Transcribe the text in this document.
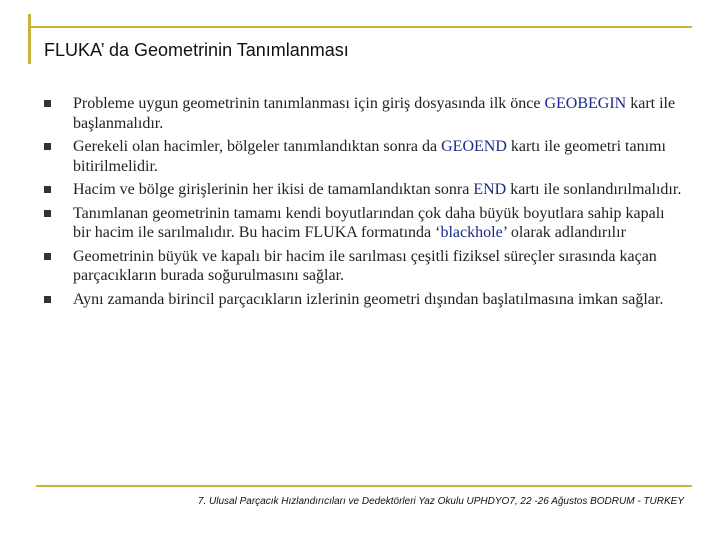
FLUKA’ da Geometrinin Tanımlanması
Probleme uygun geometrinin tanımlanması için giriş dosyasında ilk önce GEOBEGIN kart ile başlanmalıdır.
Gerekeli olan hacimler, bölgeler tanımlandıktan sonra da GEOEND kartı ile geometri tanımı bitirilmelidir.
Hacim ve bölge girişlerinin her ikisi de tamamlandıktan sonra END kartı ile sonlandırılmalıdır.
Tanımlanan geometrinin tamamı kendi boyutlarından çok daha büyük boyutlara sahip kapalı bir hacim ile sarılmalıdır. Bu hacim FLUKA formatında ‘blackhole’ olarak adlandırılır
Geometrinin büyük ve kapalı bir hacim ile sarılması çeşitli fiziksel süreçler sırasında kaçan parçacıkların burada soğurulmasını sağlar.
Aynı zamanda birincil parçacıkların izlerinin geometri dışından başlatılmasına imkan sağlar.
7. Ulusal Parçacık Hızlandırıcıları ve Dedektörleri Yaz Okulu UPHDYO7, 22 -26 Ağustos BODRUM - TURKEY
